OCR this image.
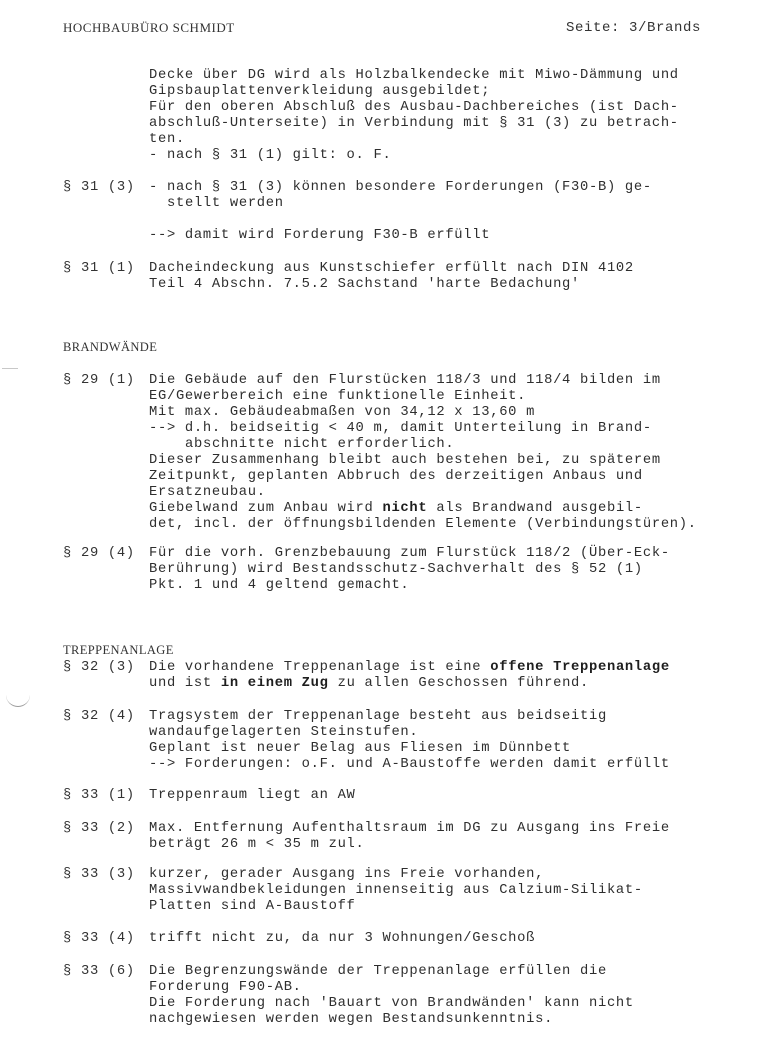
HOCHBAUBÜRO SCHMIDT	Seite: 3/Brands
Decke über DG wird als Holzbalkendecke mit Miwo-Dämmung und
Gipsbauplattenverkleidung ausgebildet;
Für den oberen Abschluß des Ausbau-Dachbereiches (ist Dach-
abschluß-Unterseite) in Verbindung mit § 31 (3) zu betrach-
ten.
- nach § 31 (1) gilt: o. F.
§ 31 (3) - nach § 31 (3) können besondere Forderungen (F30-B) ge-
stellt werden
--> damit wird Forderung F30-B erfüllt
§ 31 (1) Dacheindeckung aus Kunstschiefer erfüllt nach DIN 4102
Teil 4 Abschn. 7.5.2 Sachstand 'harte Bedachung'
BRANDWÄNDE
§ 29 (1) Die Gebäude auf den Flurstücken 118/3 und 118/4 bilden im
EG/Gewerbereich eine funktionelle Einheit.
Mit max. Gebäudeabmaßen von 34,12 x 13,60 m
--> d.h. beidseitig < 40 m, damit Unterteilung in Brand-
abschnitte nicht erforderlich.
Dieser Zusammenhang bleibt auch bestehen bei, zu späterem
Zeitpunkt, geplanten Abbruch des derzeitigen Anbaus und
Ersatzneubau.
Giebelwand zum Anbau wird nicht als Brandwand ausgebil-
det, incl. der öffnungsbildenden Elemente (Verbindungstüren).
§ 29 (4) Für die vorh. Grenzbebauung zum Flurstück 118/2 (Über-Eck-
Berührung) wird Bestandsschutz-Sachverhalt des § 52 (1)
Pkt. 1 und 4 geltend gemacht.
TREPPENANLAGE
§ 32 (3) Die vorhandene Treppenanlage ist eine offene Treppenanlage
und ist in einem Zug zu allen Geschossen führend.
§ 32 (4) Tragsystem der Treppenanlage besteht aus beidseitig
wandaufgelagerten Steinstufen.
Geplant ist neuer Belag aus Fliesen im Dünnbett
--> Forderungen: o.F. und A-Baustoffe werden damit erfüllt
§ 33 (1) Treppenraum liegt an AW
§ 33 (2) Max. Entfernung Aufenthaltsraum im DG zu Ausgang ins Freie
beträgt 26 m < 35 m zul.
§ 33 (3) kurzer, gerader Ausgang ins Freie vorhanden,
Massivwandbekleidungen innenseitig aus Calzium-Silikat-
Platten sind A-Baustoff
§ 33 (4) trifft nicht zu, da nur 3 Wohnungen/Geschoß
§ 33 (6) Die Begrenzungswände der Treppenanlage erfüllen die
Forderung F90-AB.
Die Forderung nach 'Bauart von Brandwänden' kann nicht
nachgewiesen werden wegen Bestandsunkenntnis.
